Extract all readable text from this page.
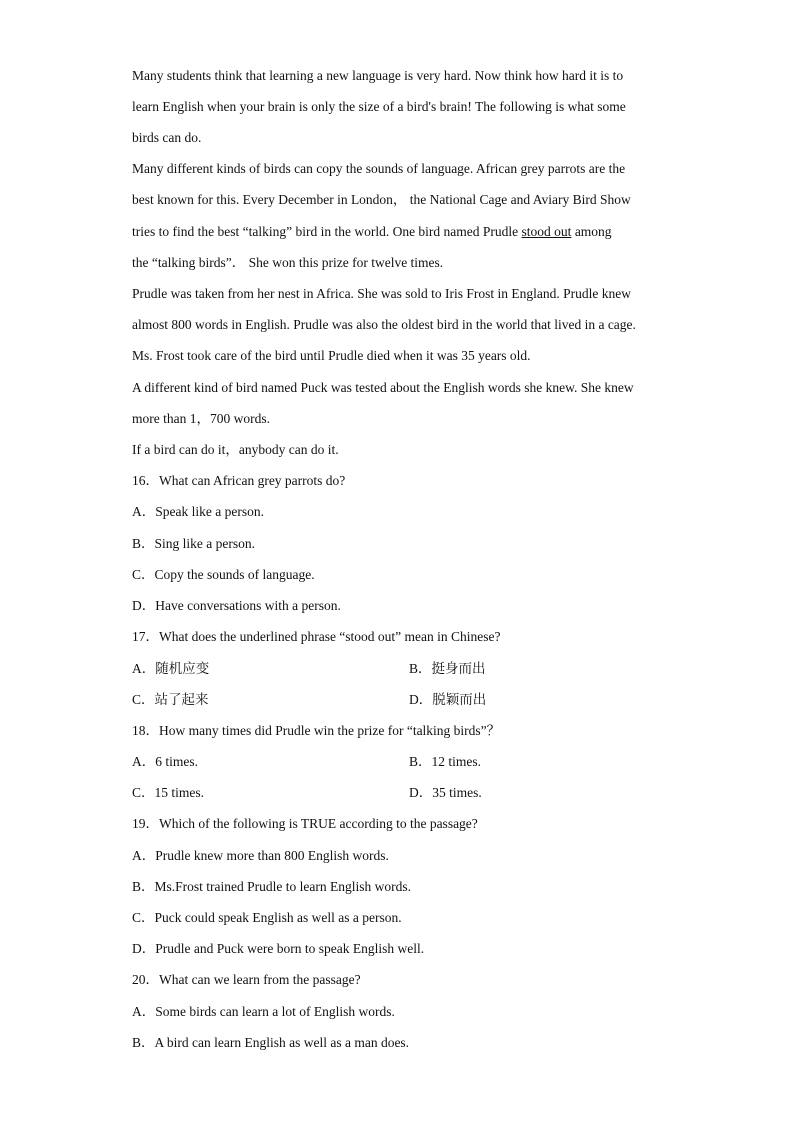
Many students think that learning a new language is very hard. Now think how hard it is to
learn English when your brain is only the size of a bird's brain! The following is what some
birds can do.
Many different kinds of birds can copy the sounds of language. African grey parrots are the
best known for this. Every December in London， the National Cage and Aviary Bird Show
tries to find the best “talking” bird in the world. One bird named Prudle stood out among
the “talking birds”． She won this prize for twelve times.
Prudle was taken from her nest in Africa. She was sold to Iris Frost in England. Prudle knew
almost 800 words in English. Prudle was also the oldest bird in the world that lived in a cage.
Ms. Frost took care of the bird until Prudle died when it was 35 years old.
A different kind of bird named Puck was tested about the English words she knew. She knew
more than 1，700 words.
If a bird can do it，anybody can do it.
16．What can African grey parrots do?
A．Speak like a person.
B．Sing like a person.
C．Copy the sounds of language.
D．Have conversations with a person.
17．What does the underlined phrase “stood out” mean in Chinese?
A．随机应变	B．挺身而出
C．站了起来	D．脱颖而出
18．How many times did Prudle win the prize for “talking birds”？
A．6 times.	B．12 times.
C．15 times.	D．35 times.
19．Which of the following is TRUE according to the passage?
A．Prudle knew more than 800 English words.
B．Ms.Frost trained Prudle to learn English words.
C．Puck could speak English as well as a person.
D．Prudle and Puck were born to speak English well.
20．What can we learn from the passage?
A．Some birds can learn a lot of English words.
B．A bird can learn English as well as a man does.
